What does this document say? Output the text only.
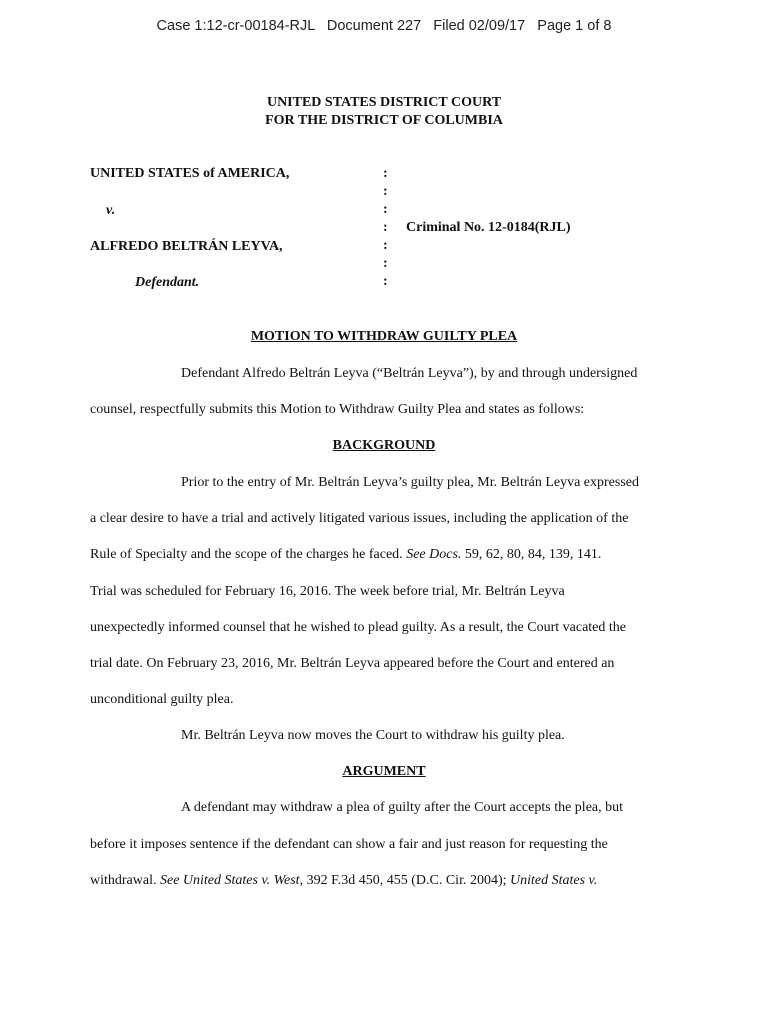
Case 1:12-cr-00184-RJL Document 227 Filed 02/09/17 Page 1 of 8
UNITED STATES DISTRICT COURT
FOR THE DISTRICT OF COLUMBIA
UNITED STATES of AMERICA,
v.
ALFREDO BELTRÁN LEYVA,
Defendant.
:
:
:
:
:
:
:
Criminal No. 12-0184(RJL)
MOTION TO WITHDRAW GUILTY PLEA
Defendant Alfredo Beltrán Leyva (“Beltrán Leyva”), by and through undersigned
counsel, respectfully submits this Motion to Withdraw Guilty Plea and states as follows:
BACKGROUND
Prior to the entry of Mr. Beltrán Leyva’s guilty plea, Mr. Beltrán Leyva expressed
a clear desire to have a trial and actively litigated various issues, including the application of the
Rule of Specialty and the scope of the charges he faced. See Docs. 59, 62, 80, 84, 139, 141.
Trial was scheduled for February 16, 2016. The week before trial, Mr. Beltrán Leyva
unexpectedly informed counsel that he wished to plead guilty. As a result, the Court vacated the
trial date. On February 23, 2016, Mr. Beltrán Leyva appeared before the Court and entered an
unconditional guilty plea.
Mr. Beltrán Leyva now moves the Court to withdraw his guilty plea.
ARGUMENT
A defendant may withdraw a plea of guilty after the Court accepts the plea, but
before it imposes sentence if the defendant can show a fair and just reason for requesting the
withdrawal. See United States v. West, 392 F.3d 450, 455 (D.C. Cir. 2004); United States v.
